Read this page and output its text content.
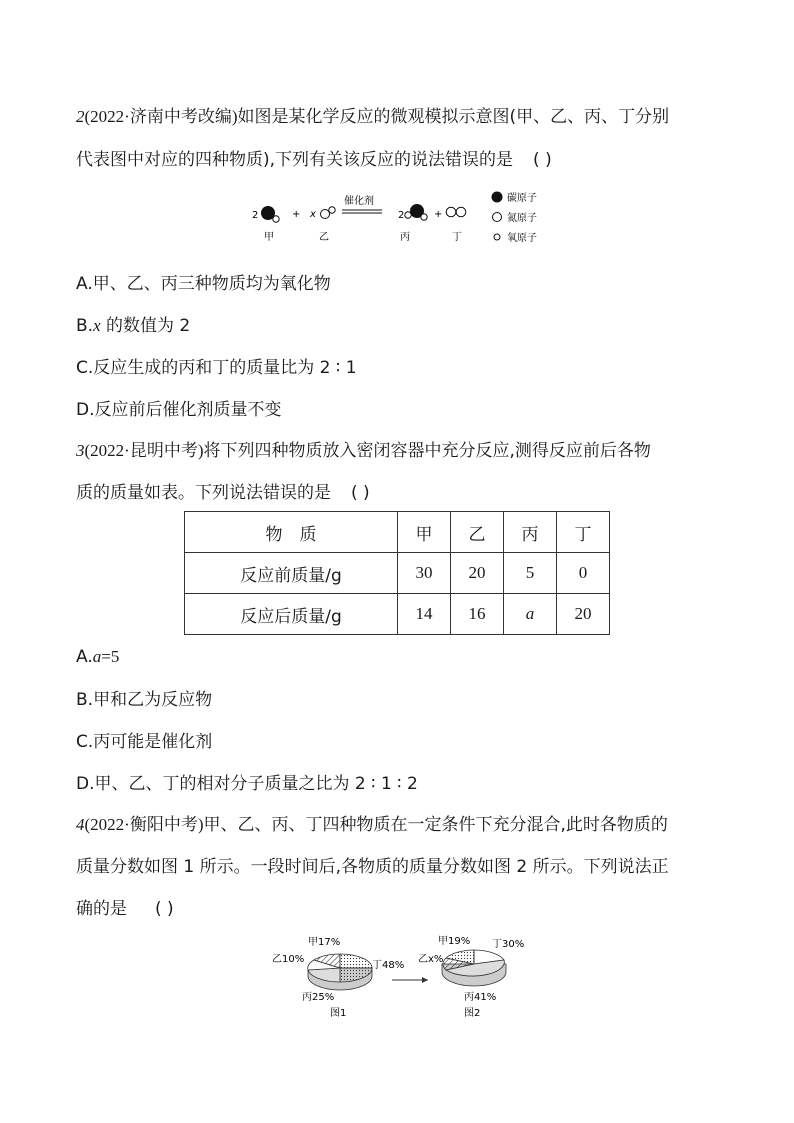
2(2022·济南中考改编)如图是某化学反应的微观模拟示意图(甲、乙、丙、丁分别
代表图中对应的四种物质),下列有关该反应的说法错误的是 ( )
2	+ x
催化剂
2	+
甲	乙	丙	丁
碳原子
氮原子
氧原子
A.甲、乙、丙三种物质均为氧化物
B.x 的数值为 2
C.反应生成的丙和丁的质量比为 2 ∶ 1
D.反应前后催化剂质量不变
3(2022·昆明中考)将下列四种物质放入密闭容器中充分反应,测得反应前后各物
质的质量如表。下列说法错误的是 ( )
物　质	甲	乙	丙	丁
反应前质量/g	30	20	5	0
反应后质量/g	14	16	a	20
A.a=5
B.甲和乙为反应物
C.丙可能是催化剂
D.甲、乙、丁的相对分子质量之比为 2 ∶ 1 ∶ 2
4(2022·衡阳中考)甲、乙、丙、丁四种物质在一定条件下充分混合,此时各物质的
质量分数如图 1 所示。一段时间后,各物质的质量分数如图 2 所示。下列说法正
确的是 ( )
甲17%
乙10%
丁48%
丙25%
图1
甲19% 丁30%
乙x%
丙41%
图2
